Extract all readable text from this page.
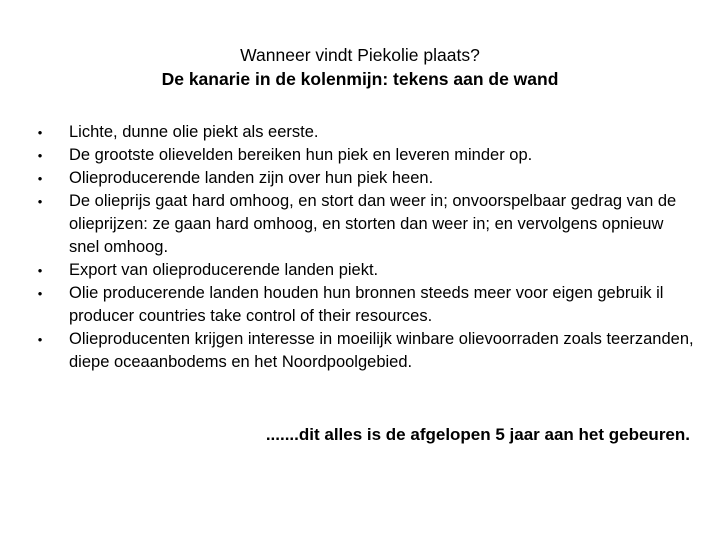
Wanneer vindt Piekolie plaats?
De kanarie in de kolenmijn: tekens aan de wand
• Lichte, dunne olie piekt als eerste.
• De grootste olievelden bereiken hun piek en leveren minder op.
• Olieproducerende landen zijn over hun piek heen.
• De olieprijs gaat hard omhoog, en stort dan weer in; onvoorspelbaar gedrag van de olieprijzen: ze gaan hard omhoog, en storten dan weer in; en vervolgens opnieuw snel omhoog.
• Export van olieproducerende landen piekt.
• Olie producerende landen houden hun bronnen steeds meer voor eigen gebruik il producer countries take control of their resources.
• Olieproducenten krijgen interesse in moeilijk winbare olievoorraden zoals teerzanden, diepe oceaanbodems en het Noordpoolgebied.
.......dit alles is de afgelopen 5 jaar aan het gebeuren.
